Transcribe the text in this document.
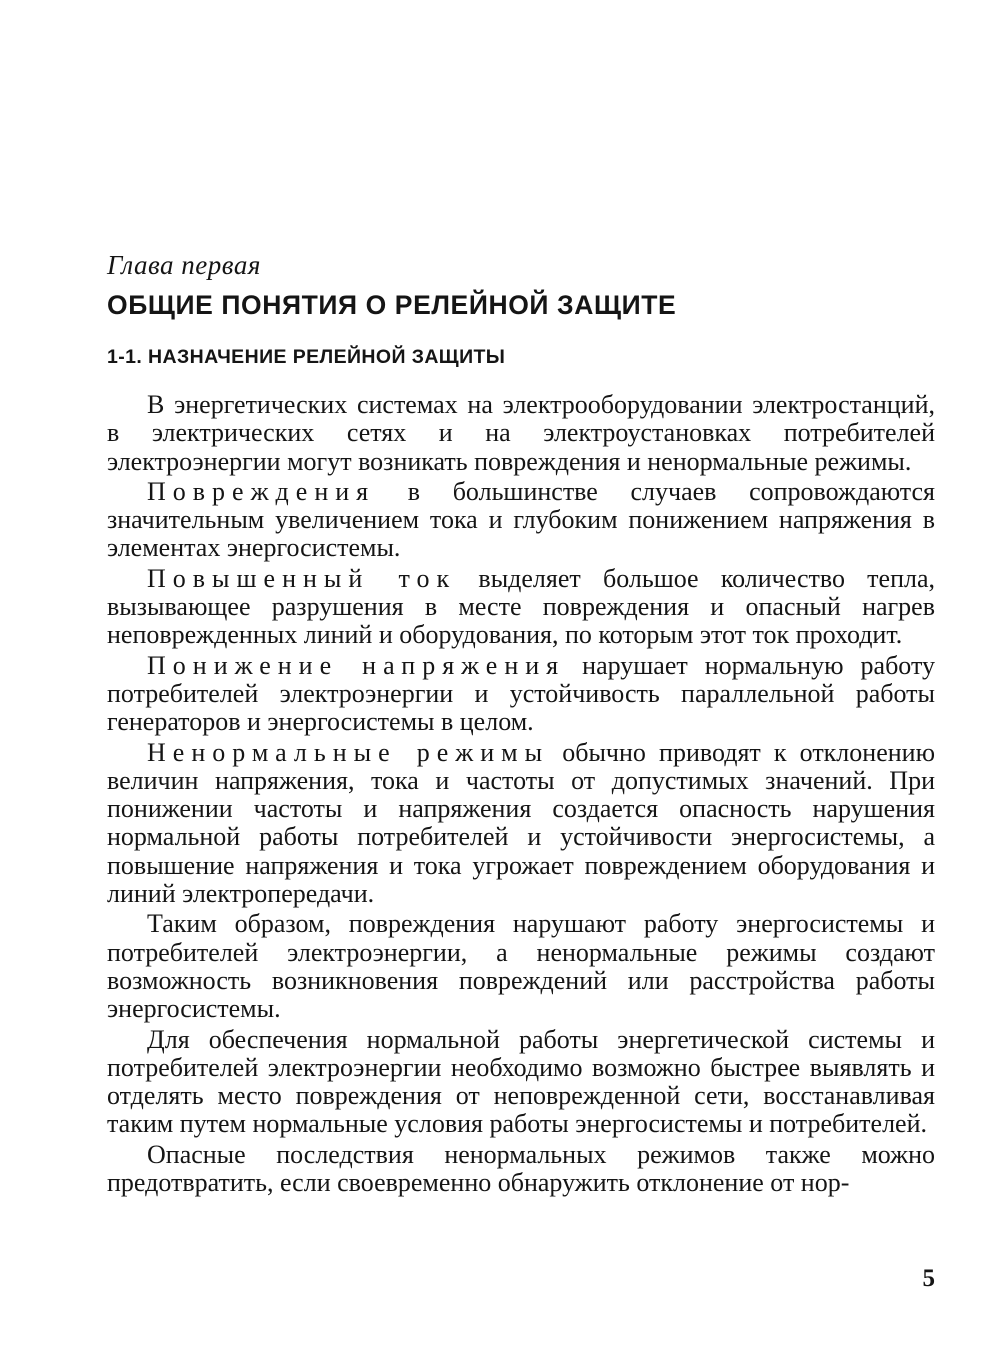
Глава первая

ОБЩИЕ ПОНЯТИЯ О РЕЛЕЙНОЙ ЗАЩИТЕ
1-1. НАЗНАЧЕНИЕ РЕЛЕЙНОЙ ЗАЩИТЫ

В энергетических системах на электрооборудовании электростанций, в электрических сетях и на электроустановках потребителей электроэнергии могут возникать повреждения и ненормальные режимы.

Повреждения в большинстве случаев сопровождаются значительным увеличением тока и глубоким понижением напряжения в элементах энергосистемы.

Повышенный ток выделяет большое количество тепла, вызывающее разрушения в месте повреждения и опасный нагрев неповрежденных линий и оборудования, по которым этот ток проходит.

Понижение напряжения нарушает нормальную работу потребителей электроэнергии и устойчивость параллельной работы генераторов и энергосистемы в целом.

Ненормальные режимы обычно приводят к отклонению величин напряжения, тока и частоты от допустимых значений. При понижении частоты и напряжения создается опасность нарушения нормальной работы потребителей и устойчивости энергосистемы, а повышение напряжения и тока угрожает повреждением оборудования и линий электропередачи.

Таким образом, повреждения нарушают работу энергосистемы и потребителей электроэнергии, а ненормальные режимы создают возможность возникновения повреждений или расстройства работы энергосистемы.

Для обеспечения нормальной работы энергетической системы и потребителей электроэнергии необходимо возможно быстрее выявлять и отделять место повреждения от неповрежденной сети, восстанавливая таким путем нормальные условия работы энергосистемы и потребителей.

Опасные последствия ненормальных режимов также можно предотвратить, если своевременно обнаружить отклонение от нор-

5
